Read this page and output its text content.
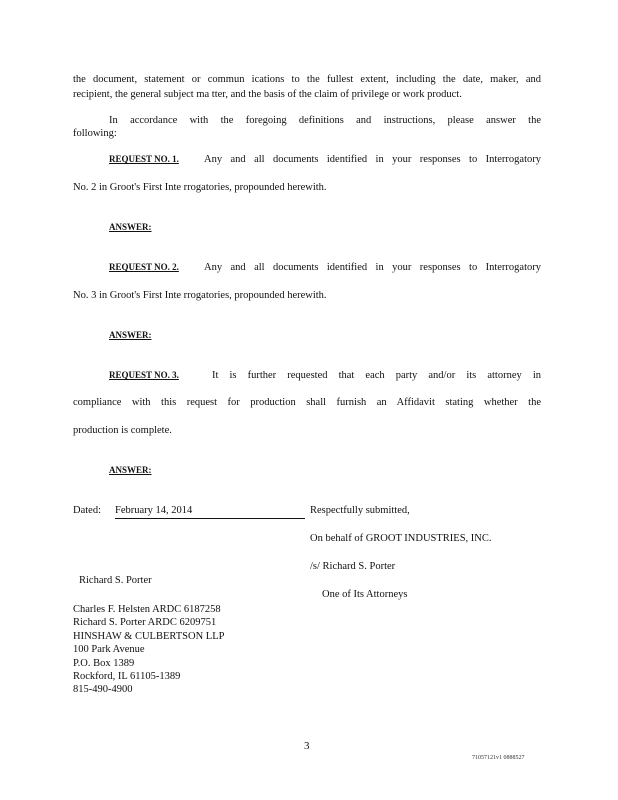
the document, statement or commun ications to the fullest extent, including the date, maker, and
recipient, the general subject ma tter, and the basis of the claim of privilege or work product.
In accordance with the foregoing definitions and instructions, please answer the
following:
REQUEST NO. 1.	Any and all documents identified in your responses to Interrogatory
No. 2 in Groot's First Inte rrogatories, propounded herewith.
ANSWER:
REQUEST NO. 2.	Any and all documents identified in your responses to Interrogatory
No. 3 in Groot's First Inte rrogatories, propounded herewith.
ANSWER:
REQUEST NO. 3.	It is further requested that each party and/or its attorney in
compliance with this request for production shall furnish an Affidavit stating whether the
production is complete.
ANSWER:
Dated: February 14, 2014	Respectfully submitted,
On behalf of GROOT INDUSTRIES, INC.
/s/ Richard S. Porter
One of Its Attorneys
Richard S. Porter
Charles F. Helsten ARDC 6187258
Richard S. Porter ARDC 6209751
HINSHAW & CULBERTSON LLP
100 Park Avenue
P.O. Box 1389
Rockford, IL 61105-1389
815-490-4900
3
71057121v1 0888527
